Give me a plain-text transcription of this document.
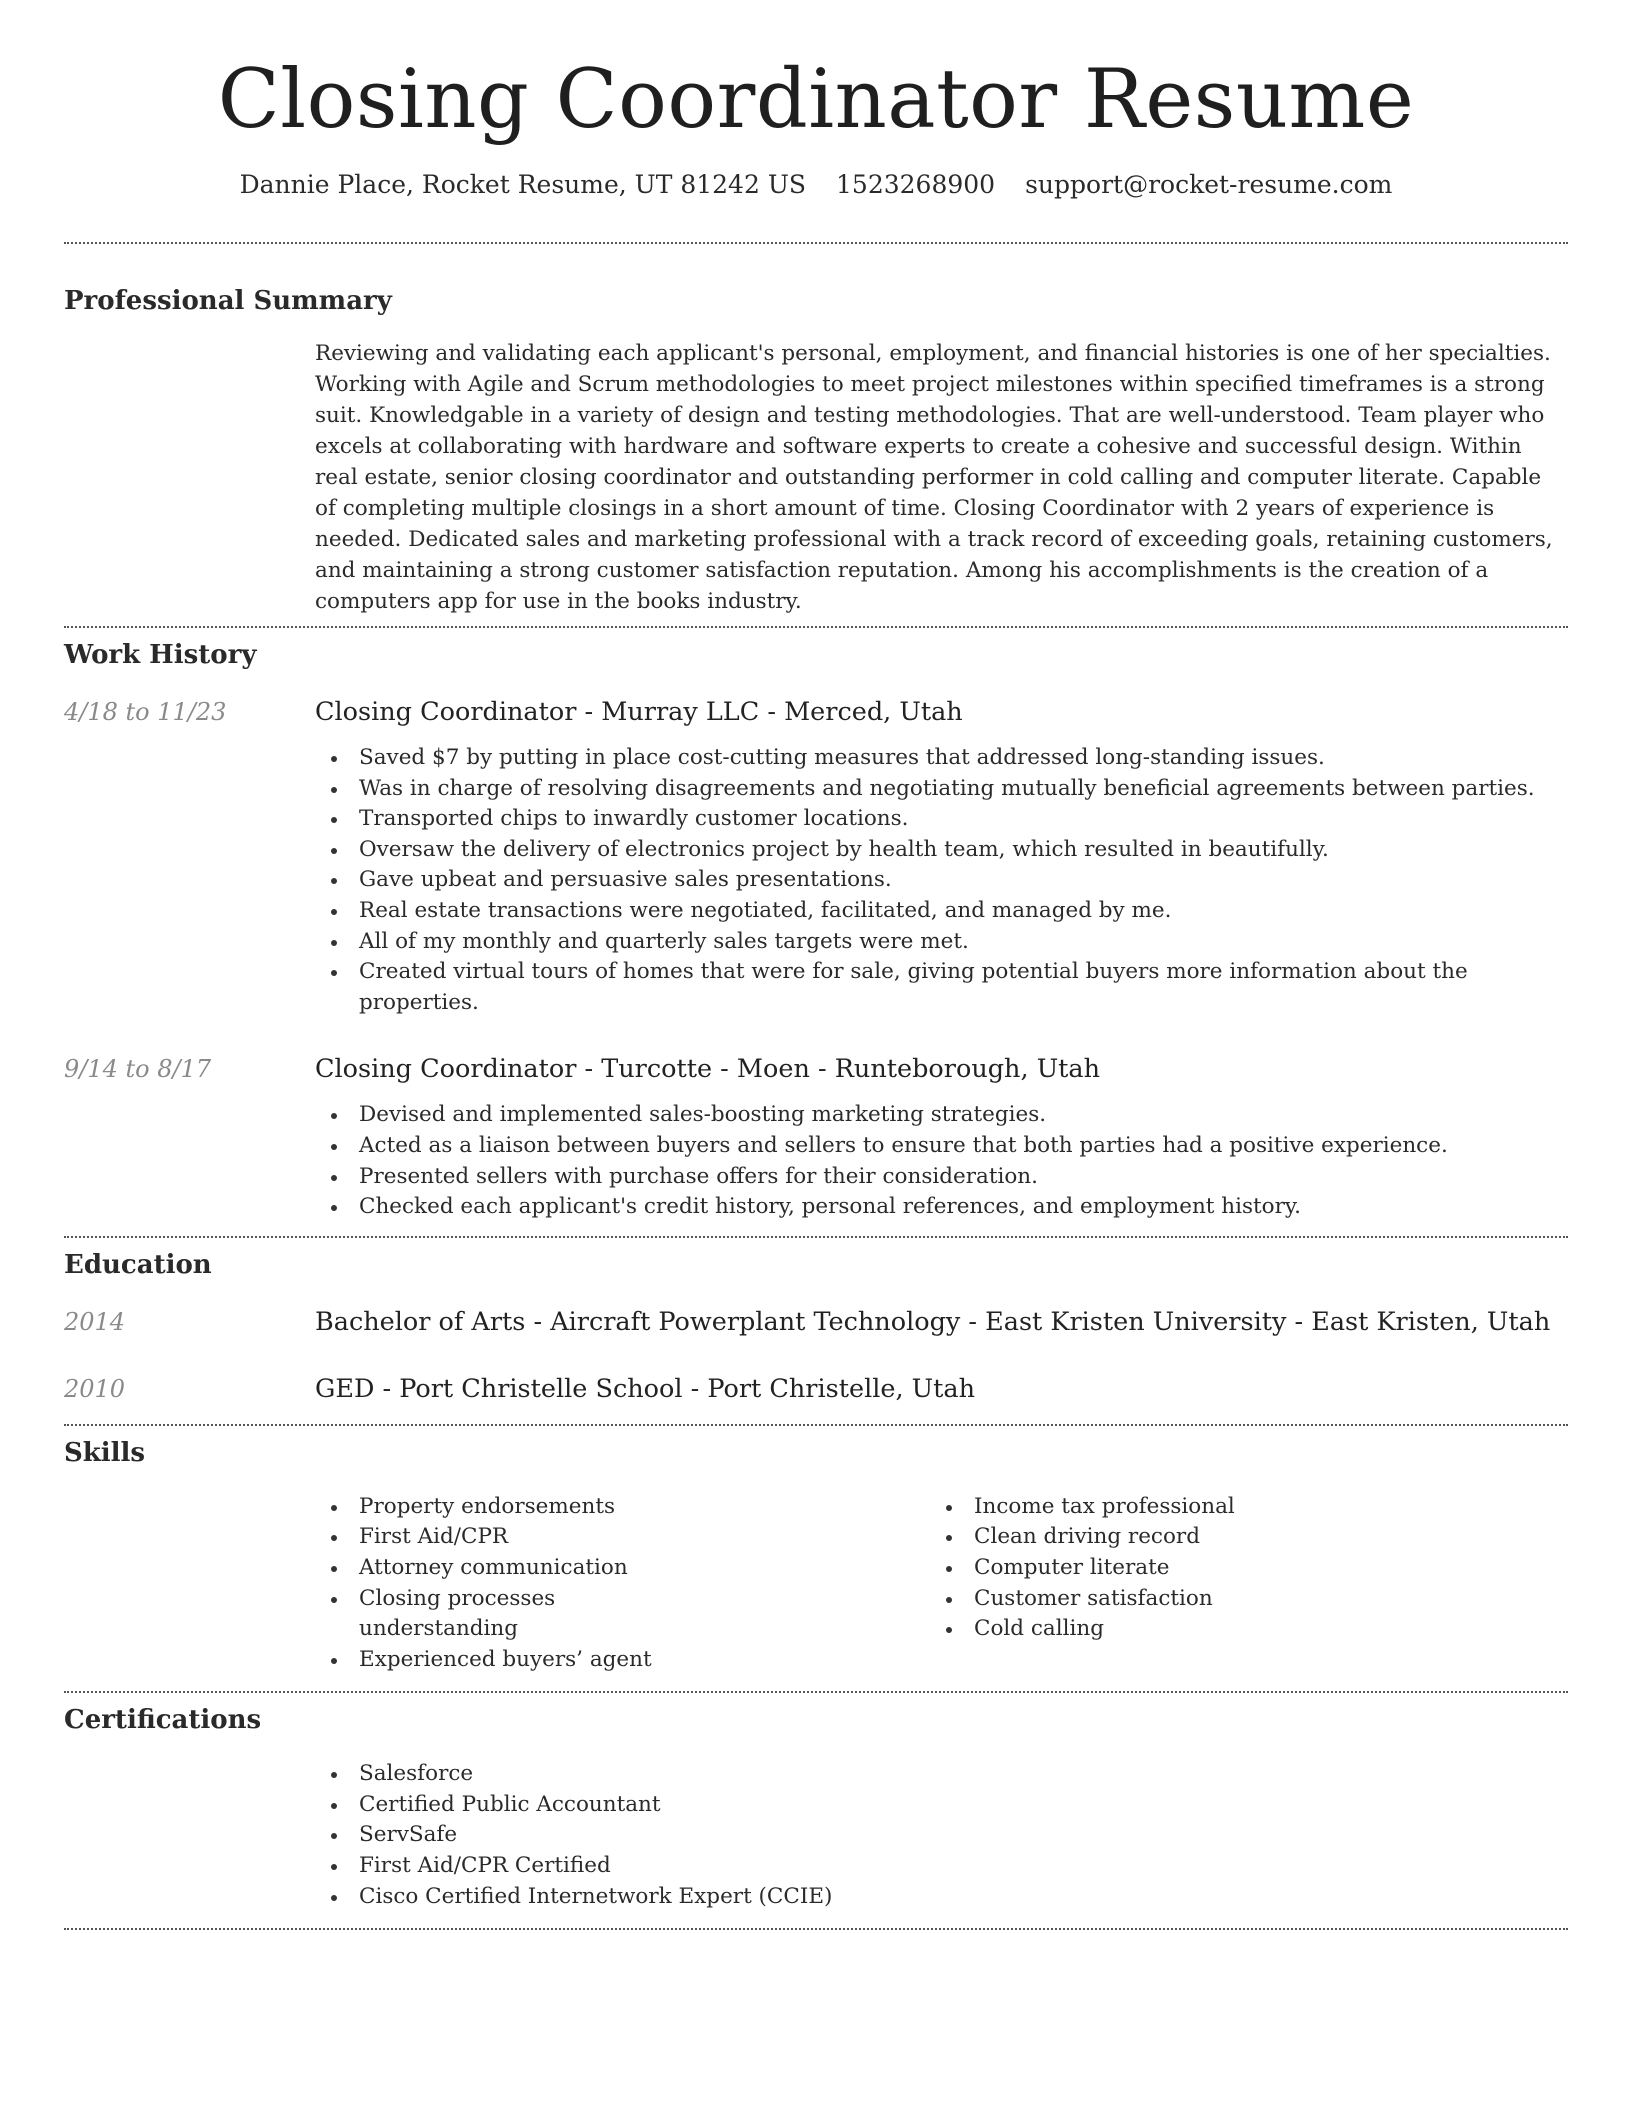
Closing Coordinator Resume
Dannie Place, Rocket Resume, UT 81242 US 1523268900 support@rocket-resume.com
Professional Summary
Reviewing and validating each applicant's personal, employment, and financial histories is one of her specialties. Working with Agile and Scrum methodologies to meet project milestones within specified timeframes is a strong suit. Knowledgable in a variety of design and testing methodologies. That are well-understood. Team player who excels at collaborating with hardware and software experts to create a cohesive and successful design. Within real estate, senior closing coordinator and outstanding performer in cold calling and computer literate. Capable of completing multiple closings in a short amount of time. Closing Coordinator with 2 years of experience is needed. Dedicated sales and marketing professional with a track record of exceeding goals, retaining customers, and maintaining a strong customer satisfaction reputation. Among his accomplishments is the creation of a computers app for use in the books industry.
Work History
4/18 to 11/23	Closing Coordinator - Murray LLC - Merced, Utah
Saved $7 by putting in place cost-cutting measures that addressed long-standing issues.
Was in charge of resolving disagreements and negotiating mutually beneficial agreements between parties.
Transported chips to inwardly customer locations.
Oversaw the delivery of electronics project by health team, which resulted in beautifully.
Gave upbeat and persuasive sales presentations.
Real estate transactions were negotiated, facilitated, and managed by me.
All of my monthly and quarterly sales targets were met.
Created virtual tours of homes that were for sale, giving potential buyers more information about the properties.
9/14 to 8/17	Closing Coordinator - Turcotte - Moen - Runteborough, Utah
Devised and implemented sales-boosting marketing strategies.
Acted as a liaison between buyers and sellers to ensure that both parties had a positive experience.
Presented sellers with purchase offers for their consideration.
Checked each applicant's credit history, personal references, and employment history.
Education
2014	Bachelor of Arts - Aircraft Powerplant Technology - East Kristen University - East Kristen, Utah
2010	GED - Port Christelle School - Port Christelle, Utah
Skills
Property endorsements
First Aid/CPR
Attorney communication
Closing processes understanding
Experienced buyers’ agent
Income tax professional
Clean driving record
Computer literate
Customer satisfaction
Cold calling
Certifications
Salesforce
Certified Public Accountant
ServSafe
First Aid/CPR Certified
Cisco Certified Internetwork Expert (CCIE)
